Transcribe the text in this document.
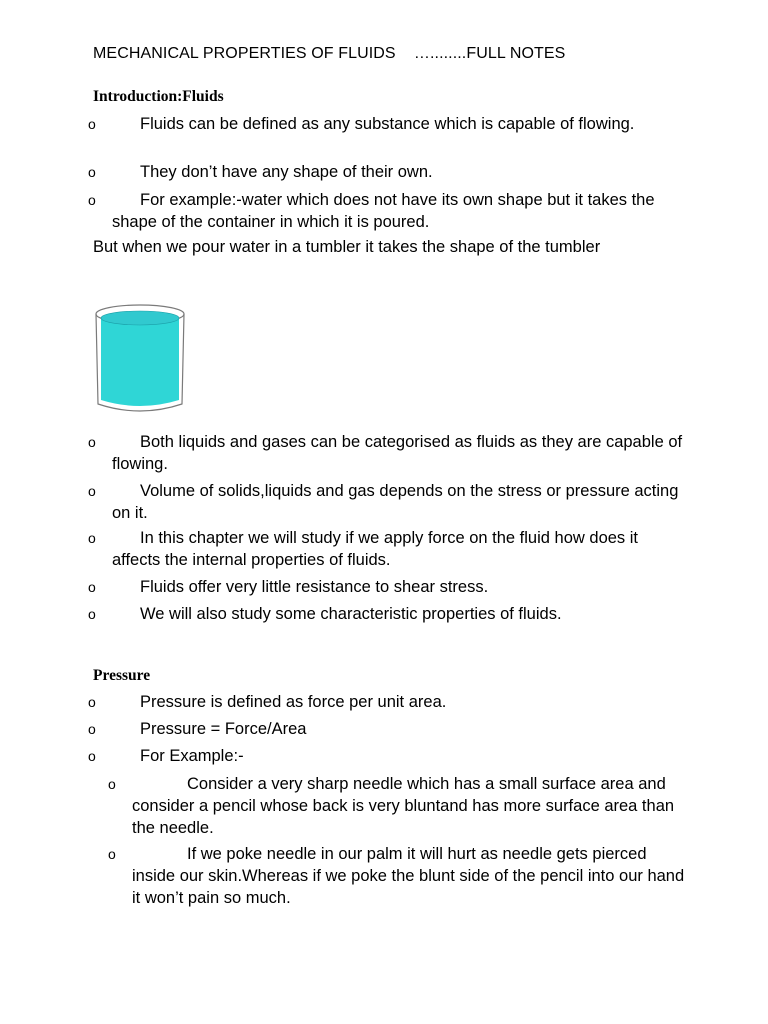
MECHANICAL PROPERTIES OF FLUIDS    …........FULL NOTES
Introduction:Fluids
o	Fluids can be defined as any substance which is capable of flowing.
o	They don’t have any shape of their own.
o	For example:-water which does not have its own shape but it takes the shape of the container in which it is poured.
But when we pour water in a tumbler it takes the shape of the tumbler
o	Both liquids and gases can be categorised as fluids as they are capable of flowing.
o	Volume of solids,liquids and gas depends on the stress or pressure acting on it.
o	In this chapter we will study if we apply force on the fluid how does it affects the internal properties of fluids.
o	Fluids offer very little resistance to shear stress.
o	We will also study some characteristic properties of fluids.
Pressure
o	Pressure is defined as force per unit area.
o	Pressure = Force/Area
o	For Example:-
o	Consider a very sharp needle which has a small surface area and consider a pencil whose back is very bluntand has more surface area than the needle.
o	If we poke needle in our palm it will hurt as needle gets pierced inside our skin.Whereas if we poke the blunt side of the pencil into our hand it won’t pain so much.
